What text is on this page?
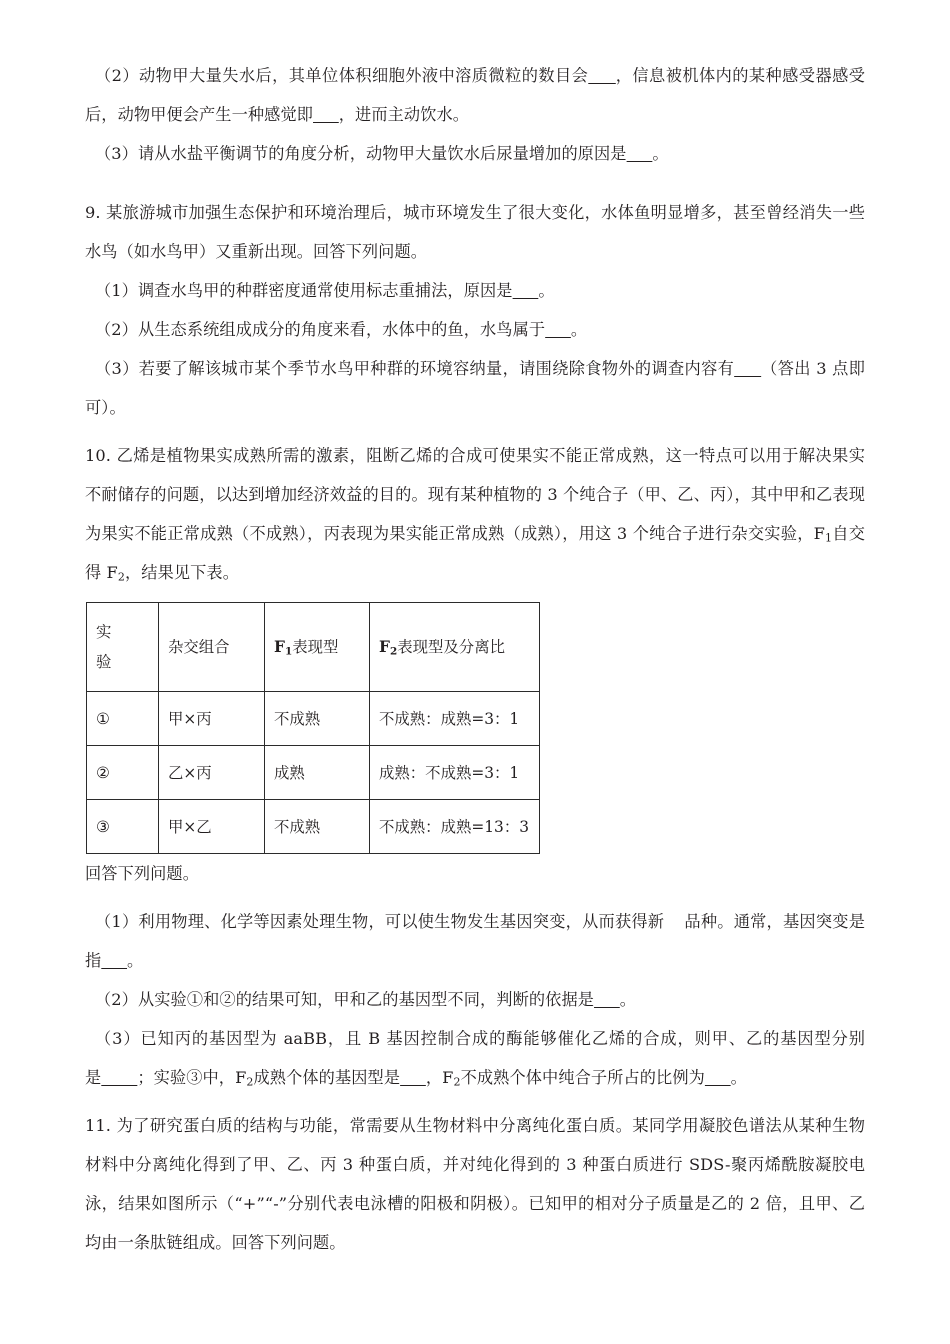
（2）动物甲大量失水后，其单位体积细胞外液中溶质微粒的数目会 ，信息被机体内的某种感受器感受后，动物甲便会产生一种感觉即 ，进而主动饮水。

（3）请从水盐平衡调节的角度分析，动物甲大量饮水后尿量增加的原因是 。

9. 某旅游城市加强生态保护和环境治理后，城市环境发生了很大变化，水体鱼明显增多，甚至曾经消失一些水鸟（如水鸟甲）又重新出现。回答下列问题。

（1）调查水鸟甲的种群密度通常使用标志重捕法，原因是 。

（2）从生态系统组成成分的角度来看，水体中的鱼，水鸟属于 。

（3）若要了解该城市某个季节水鸟甲种群的环境容纳量，请围绕除食物外的调查内容有 （答出 3 点即可）。

10. 乙烯是植物果实成熟所需的激素，阻断乙烯的合成可使果实不能正常成熟，这一特点可以用于解决果实不耐储存的问题，以达到增加经济效益的目的。现有某种植物的 3 个纯合子（甲、乙、丙），其中甲和乙表现为果实不能正常成熟（不成熟），丙表现为果实能正常成熟（成熟），用这 3 个纯合子进行杂交实验，$F_1$自交得 $F_2$，结果见下表。

实
验	杂交组合	$F_1$表现型	$F_2$表现型及分离比
①	甲×丙	不成熟	不成熟：成熟=3：1
②	乙×丙	成熟	成熟：不成熟=3：1
③	甲×乙	不成熟	不成熟：成熟=13：3

回答下列问题。

（1）利用物理、化学等因素处理生物，可以使生物发生基因突变，从而获得新 品种。通常，基因突变是指 。

（2）从实验①和②的结果可知，甲和乙的基因型不同，判断的依据是 。

（3）已知丙的基因型为 aaBB，且 B 基因控制合成的酶能够催化乙烯的合成，则甲、乙的基因型分别是 ；实验③中，$F_2$成熟个体的基因型是 ，$F_2$不成熟个体中纯合子所占的比例为 。

11. 为了研究蛋白质的结构与功能，常需要从生物材料中分离纯化蛋白质。某同学用凝胶色谱法从某种生物材料中分离纯化得到了甲、乙、丙 3 种蛋白质，并对纯化得到的 3 种蛋白质进行 SDS-聚丙烯酰胺凝胶电泳，结果如图所示（“+”“-”分别代表电泳槽的阳极和阴极）。已知甲的相对分子质量是乙的 2 倍，且甲、乙均由一条肽链组成。回答下列问题。
